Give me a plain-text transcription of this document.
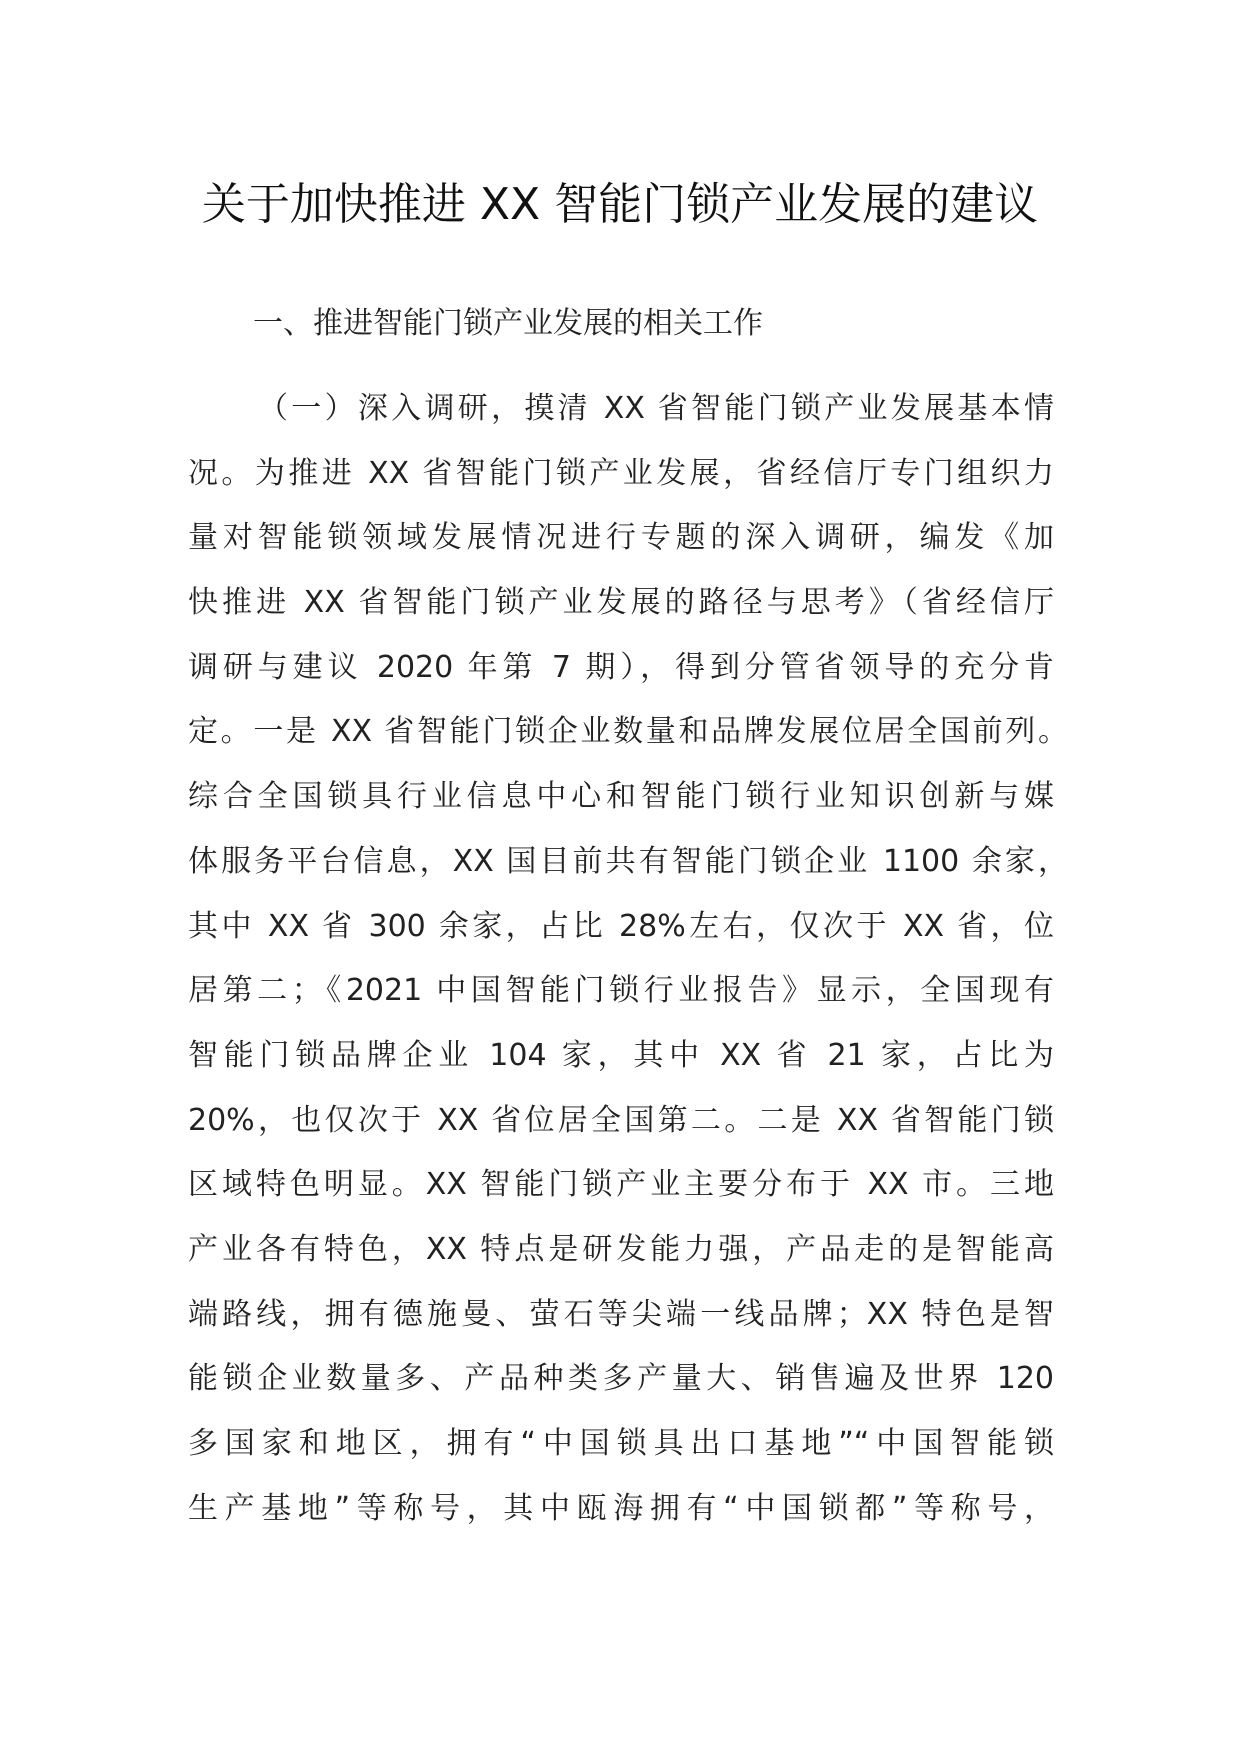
关于加快推进 XX 智能门锁产业发展的建议
一、推进智能门锁产业发展的相关工作
（一）深入调研，摸清 XX 省智能门锁产业发展基本情
况。为推进 XX 省智能门锁产业发展，省经信厅专门组织力
量对智能锁领域发展情况进行专题的深入调研，编发《加
快推进 XX 省智能门锁产业发展的路径与思考》（省经信厅
调研与建议 2020 年第 7 期），得到分管省领导的充分肯
定。一是 XX 省智能门锁企业数量和品牌发展位居全国前列。
综合全国锁具行业信息中心和智能门锁行业知识创新与媒
体服务平台信息，XX 国目前共有智能门锁企业 1100 余家，
其中 XX 省 300 余家，占比 28%左右，仅次于 XX 省，位
居第二；《2021 中国智能门锁行业报告》显示，全国现有
智能门锁品牌企业 104 家，其中 XX 省 21 家，占比为
20%，也仅次于 XX 省位居全国第二。二是 XX 省智能门锁
区域特色明显。XX 智能门锁产业主要分布于 XX 市。三地
产业各有特色，XX 特点是研发能力强，产品走的是智能高
端路线，拥有德施曼、萤石等尖端一线品牌；XX 特色是智
能锁企业数量多、产品种类多产量大、销售遍及世界 120
多国家和地区，拥有“中国锁具出口基地”“中国智能锁
生产基地”等称号，其中瓯海拥有“中国锁都”等称号，
